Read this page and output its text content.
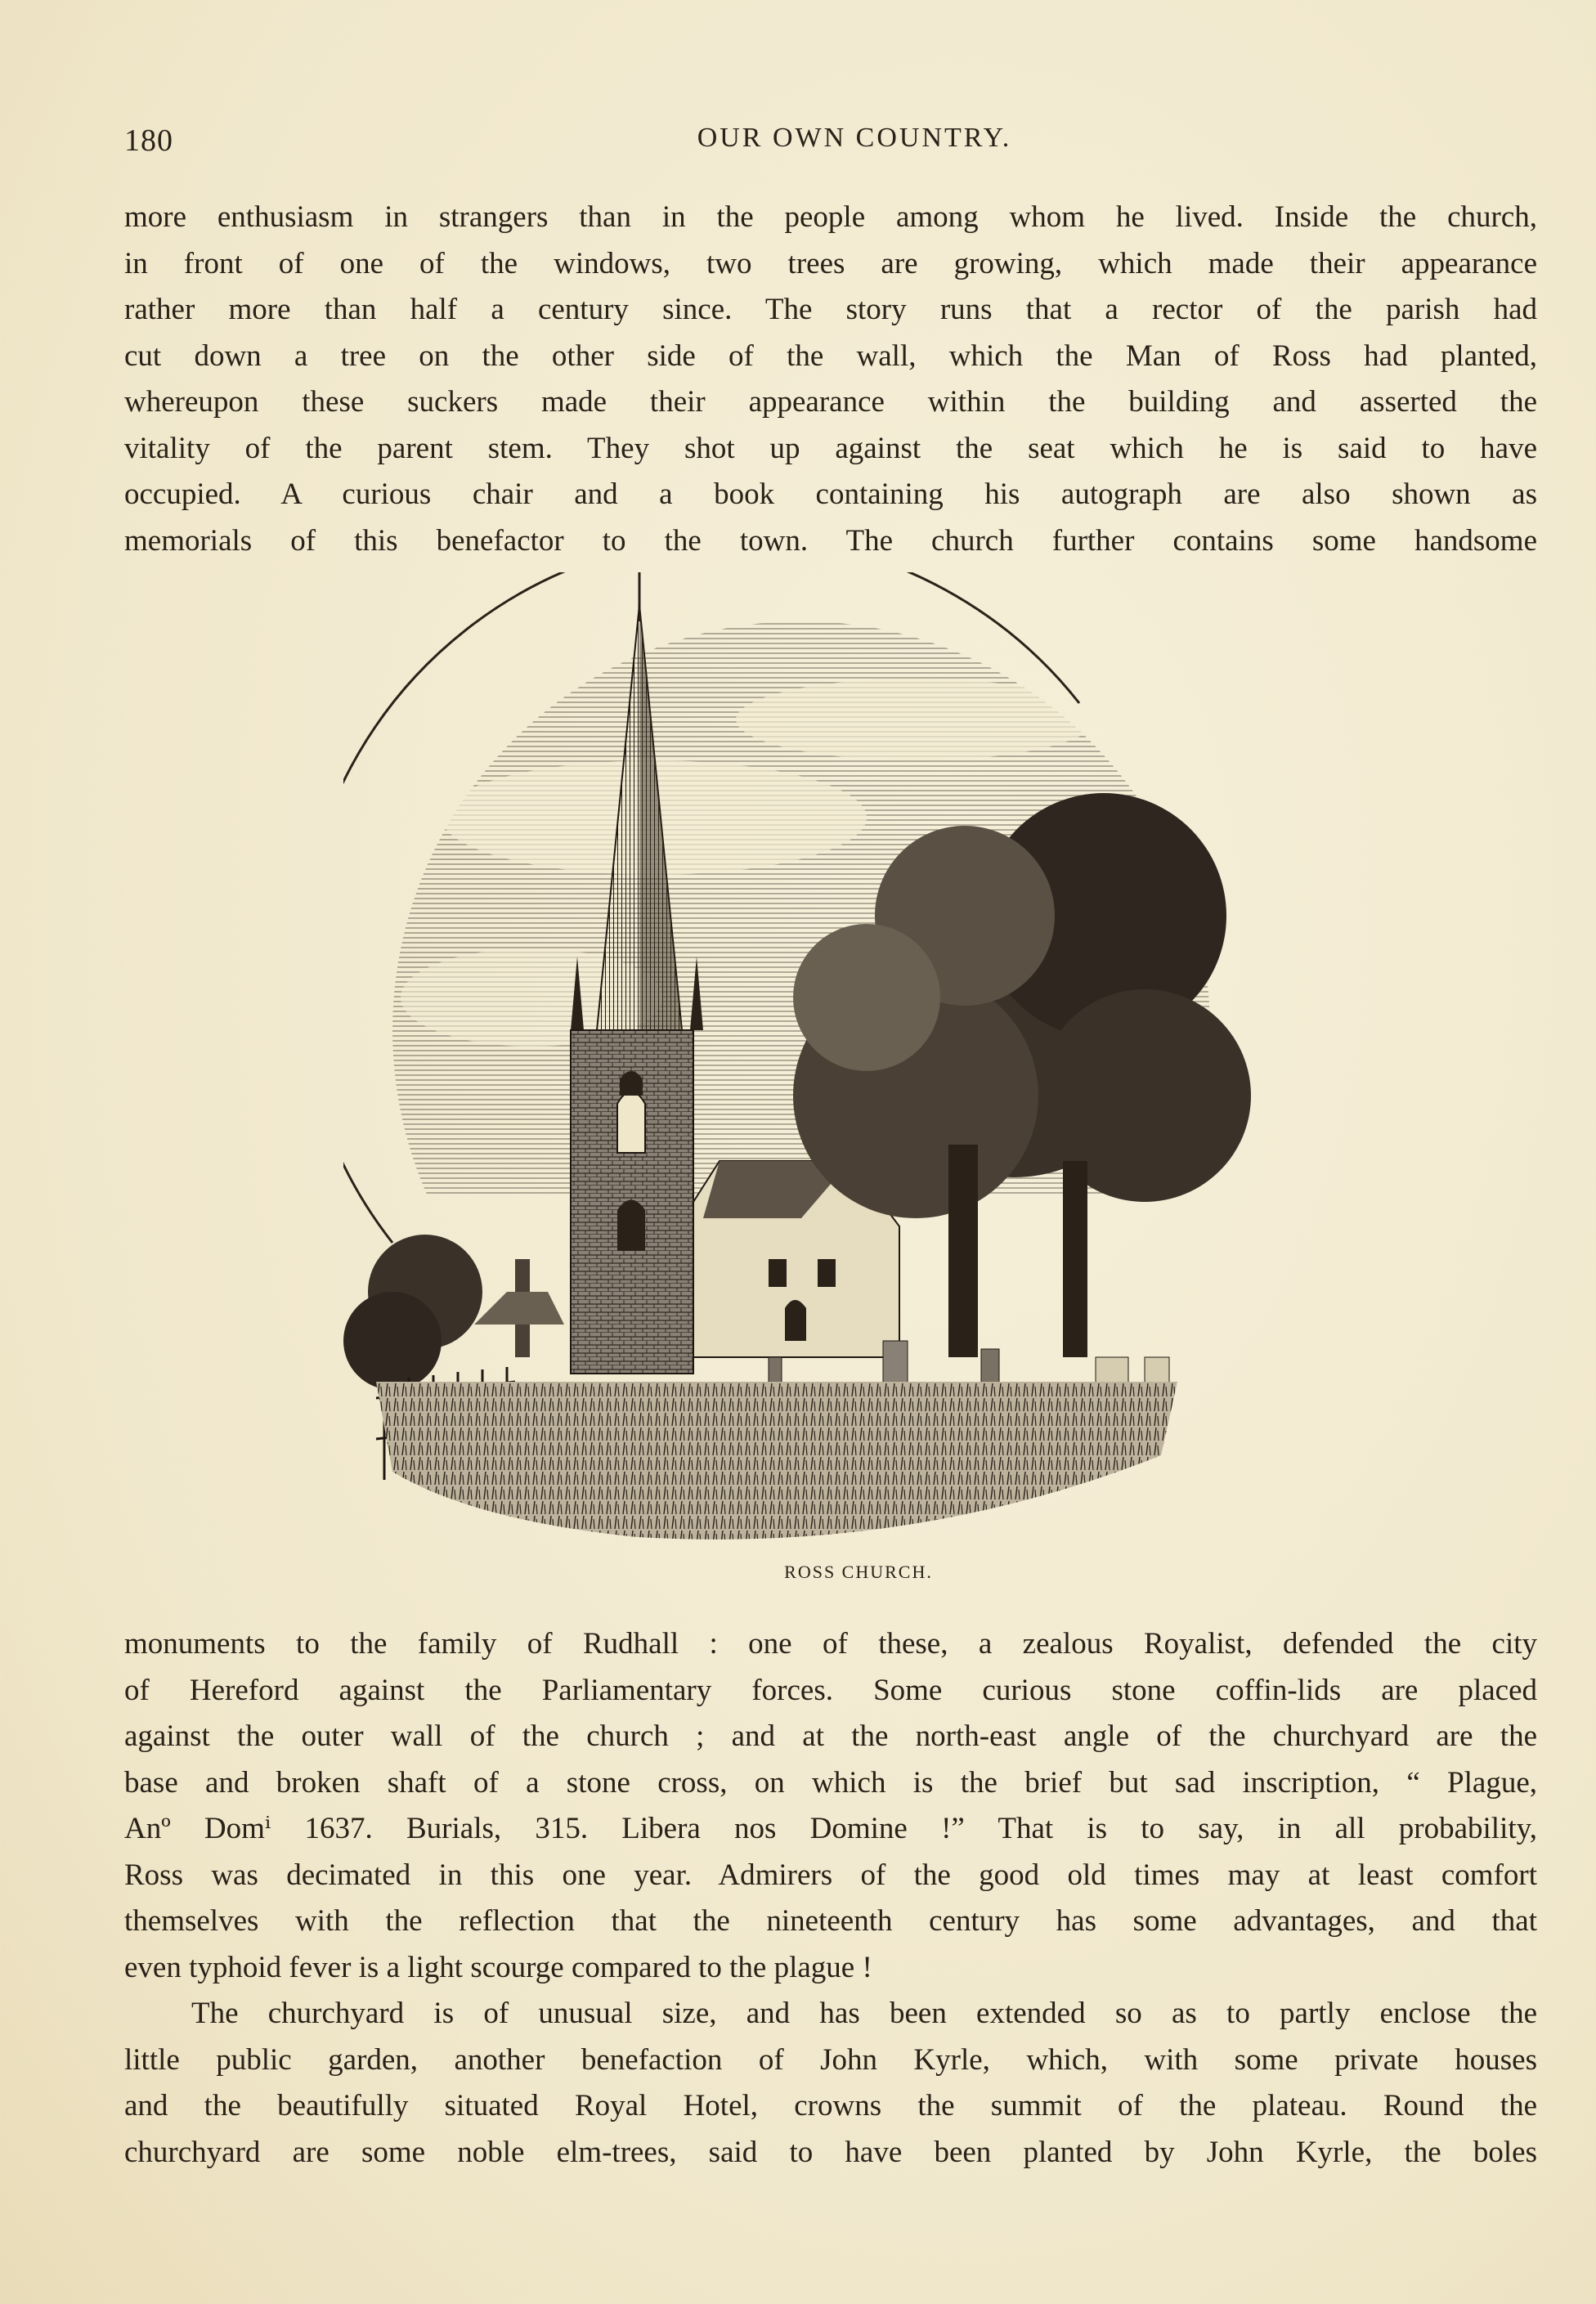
180	OUR OWN COUNTRY.
more enthusiasm in strangers than in the people among whom he lived. Inside the church,
in front of one of the windows, two trees are growing, which made their appearance
rather more than half a century since. The story runs that a rector of the parish had
cut down a tree on the other side of the wall, which the Man of Ross had planted,
whereupon these suckers made their appearance within the building and asserted the
vitality of the parent stem. They shot up against the seat which he is said to have
occupied. A curious chair and a book containing his autograph are also shown as
memorials of this benefactor to the town. The church further contains some handsome
ROSS CHURCH.
monuments to the family of Rudhall : one of these, a zealous Royalist, defended the city
of Hereford against the Parliamentary forces. Some curious stone coffin-lids are placed
against the outer wall of the church ; and at the north-east angle of the churchyard are the
base and broken shaft of a stone cross, on which is the brief but sad inscription, “ Plague,
Anº Domⁱ 1637. Burials, 315. Libera nos Domine !” That is to say, in all probability,
Ross was decimated in this one year. Admirers of the good old times may at least comfort
themselves with the reflection that the nineteenth century has some advantages, and that
even typhoid fever is a light scourge compared to the plague !
The churchyard is of unusual size, and has been extended so as to partly enclose the
little public garden, another benefaction of John Kyrle, which, with some private houses
and the beautifully situated Royal Hotel, crowns the summit of the plateau. Round the
churchyard are some noble elm-trees, said to have been planted by John Kyrle, the boles
